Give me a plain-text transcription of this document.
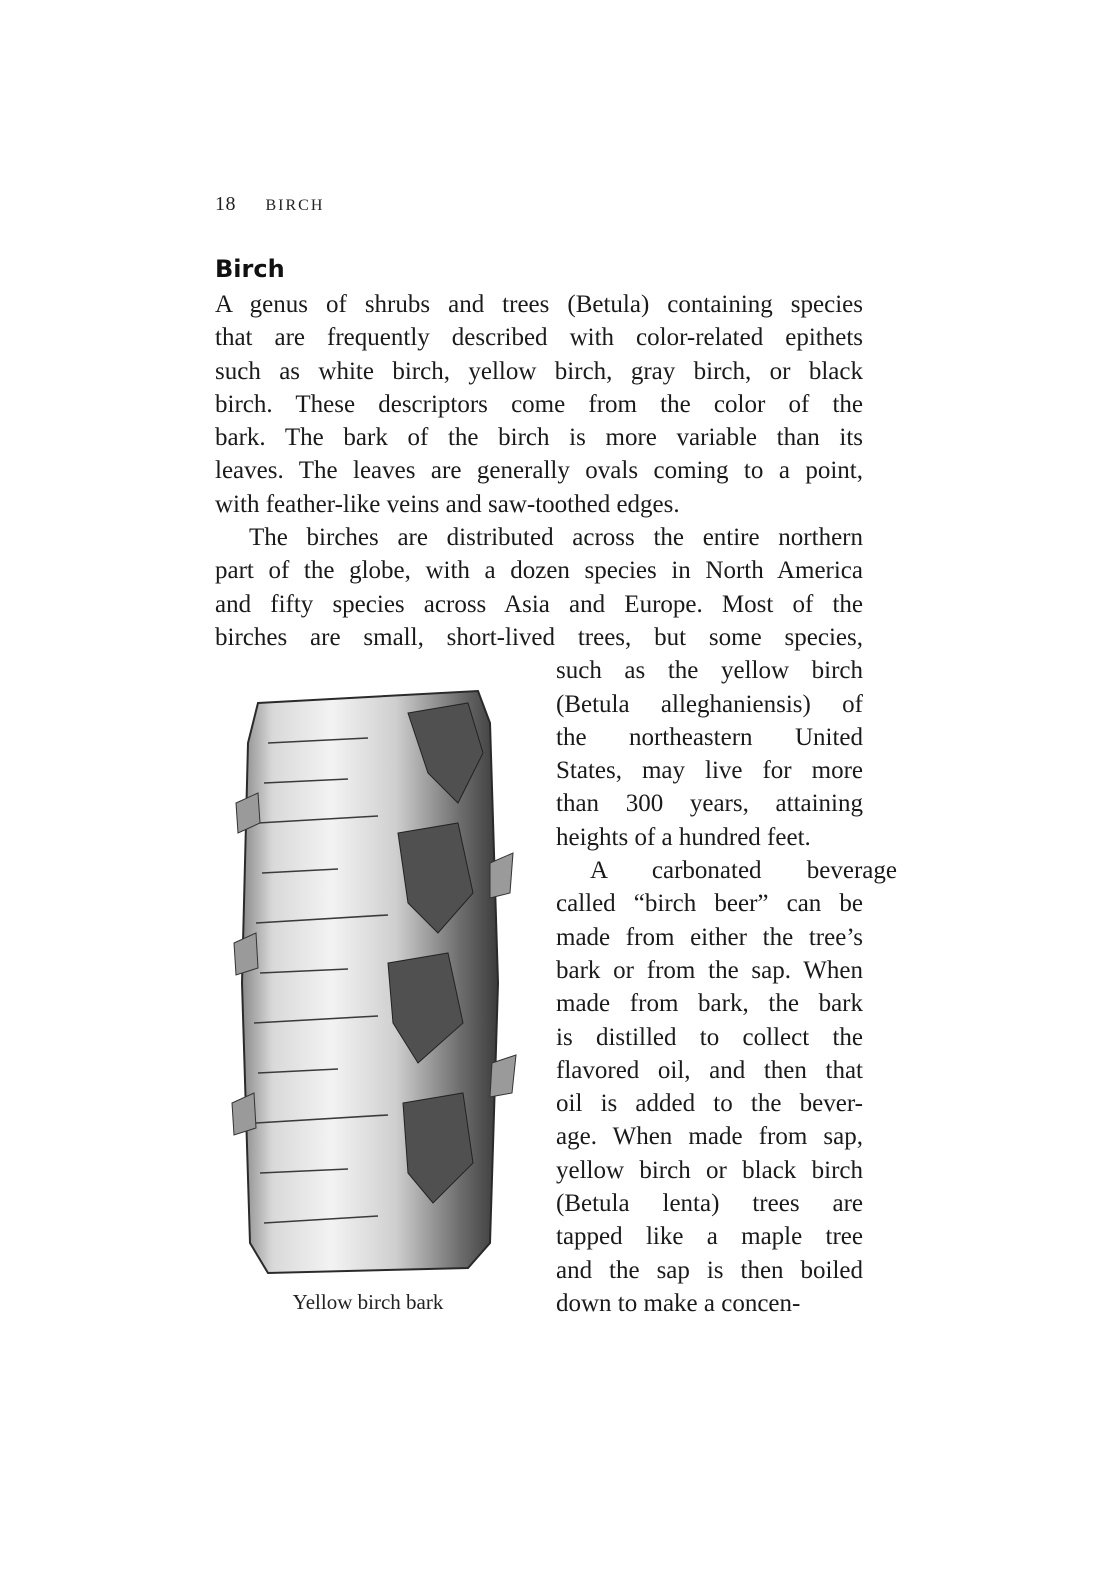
18 BIRCH
Birch
A genus of shrubs and trees (Betula) containing species
that are frequently described with color-related epithets
such as white birch, yellow birch, gray birch, or black
birch. These descriptors come from the color of the
bark. The bark of the birch is more variable than its
leaves. The leaves are generally ovals coming to a point,
with feather-like veins and saw-toothed edges.
The birches are distributed across the entire northern
part of the globe, with a dozen species in North America
and fifty species across Asia and Europe. Most of the
birches are small, short-lived trees, but some species,
such as the yellow birch
(Betula alleghaniensis) of
the northeastern United
States, may live for more
than 300 years, attaining
heights of a hundred feet.
A carbonated beverage
called “birch beer” can be
made from either the tree’s
bark or from the sap. When
made from bark, the bark
is distilled to collect the
flavored oil, and then that
oil is added to the bever-
age. When made from sap,
yellow birch or black birch
(Betula lenta) trees are
tapped like a maple tree
and the sap is then boiled
down to make a concen-
Yellow birch bark
